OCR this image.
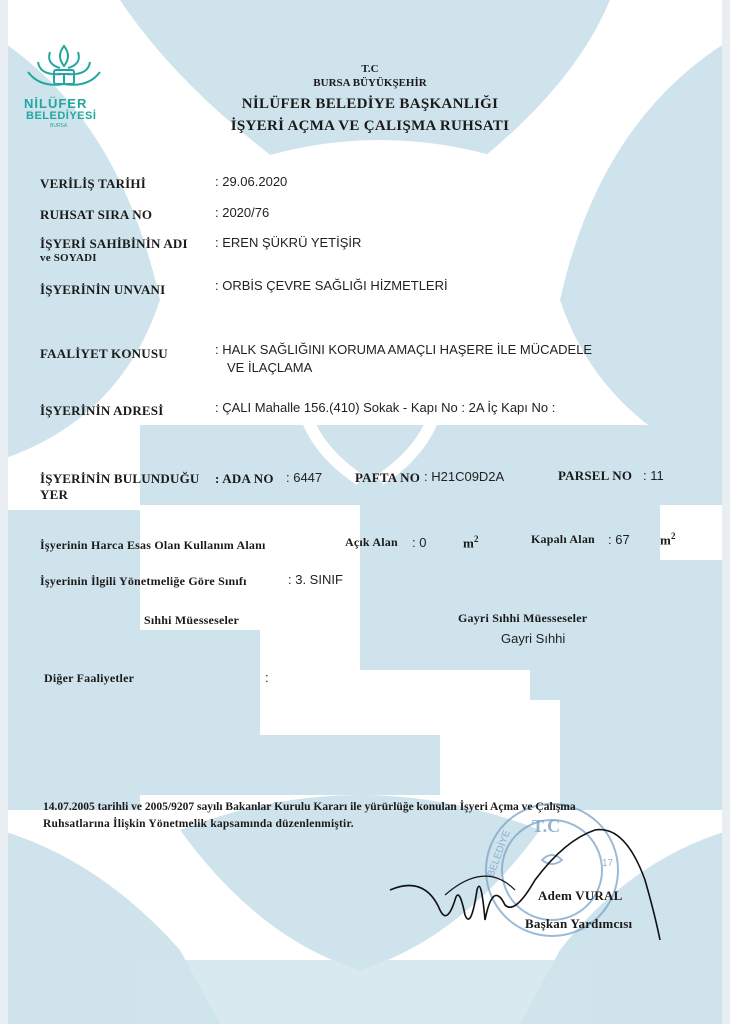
NİLÜFER
BELEDİYESİ
BURSA
T.C
BURSA BÜYÜKŞEHİR
NİLÜFER BELEDİYE BAŞKANLIĞI
İŞYERİ AÇMA VE ÇALIŞMA RUHSATI
VERİLİŞ TARİHİ	: 29.06.2020
RUHSAT SIRA NO	: 2020/76
İŞYERİ SAHİBİNİN ADI
ve SOYADI
: EREN ŞÜKRÜ YETİŞİR
İŞYERİNİN UNVANI	: ORBİS ÇEVRE SAĞLIĞI HİZMETLERİ
FAALİYET KONUSU	: HALK SAĞLIĞINI KORUMA AMAÇLI HAŞERE İLE MÜCADELE
VE İLAÇLAMA
İŞYERİNİN ADRESİ	: ÇALI Mahalle 156.(410) Sokak - Kapı No : 2A İç Kapı No :
İŞYERİNİN BULUNDUĞU
YER
: ADA NO : 6447	PAFTA NO : H21C09D2A	PARSEL NO : 11
İşyerinin Harca Esas Olan Kullanım Alanı	Açık Alan : 0	$m^2$	Kapalı Alan : 67 $m^2$
İşyerinin İlgili Yönetmeliğe Göre Sınıfı	: 3. SINIF
Sıhhi Müesseseler	Gayri Sıhhi Müesseseler
Gayri Sıhhi
Diğer Faaliyetler	:
T.C
BELEDİYE	17
14.07.2005 tarihli ve 2005/9207 sayılı Bakanlar Kurulu Kararı ile yürürlüğe konulan İşyeri Açma ve Çalışma
Ruhsatlarına İlişkin Yönetmelik kapsamında düzenlenmiştir.
Adem VURAL
Başkan Yardımcısı
